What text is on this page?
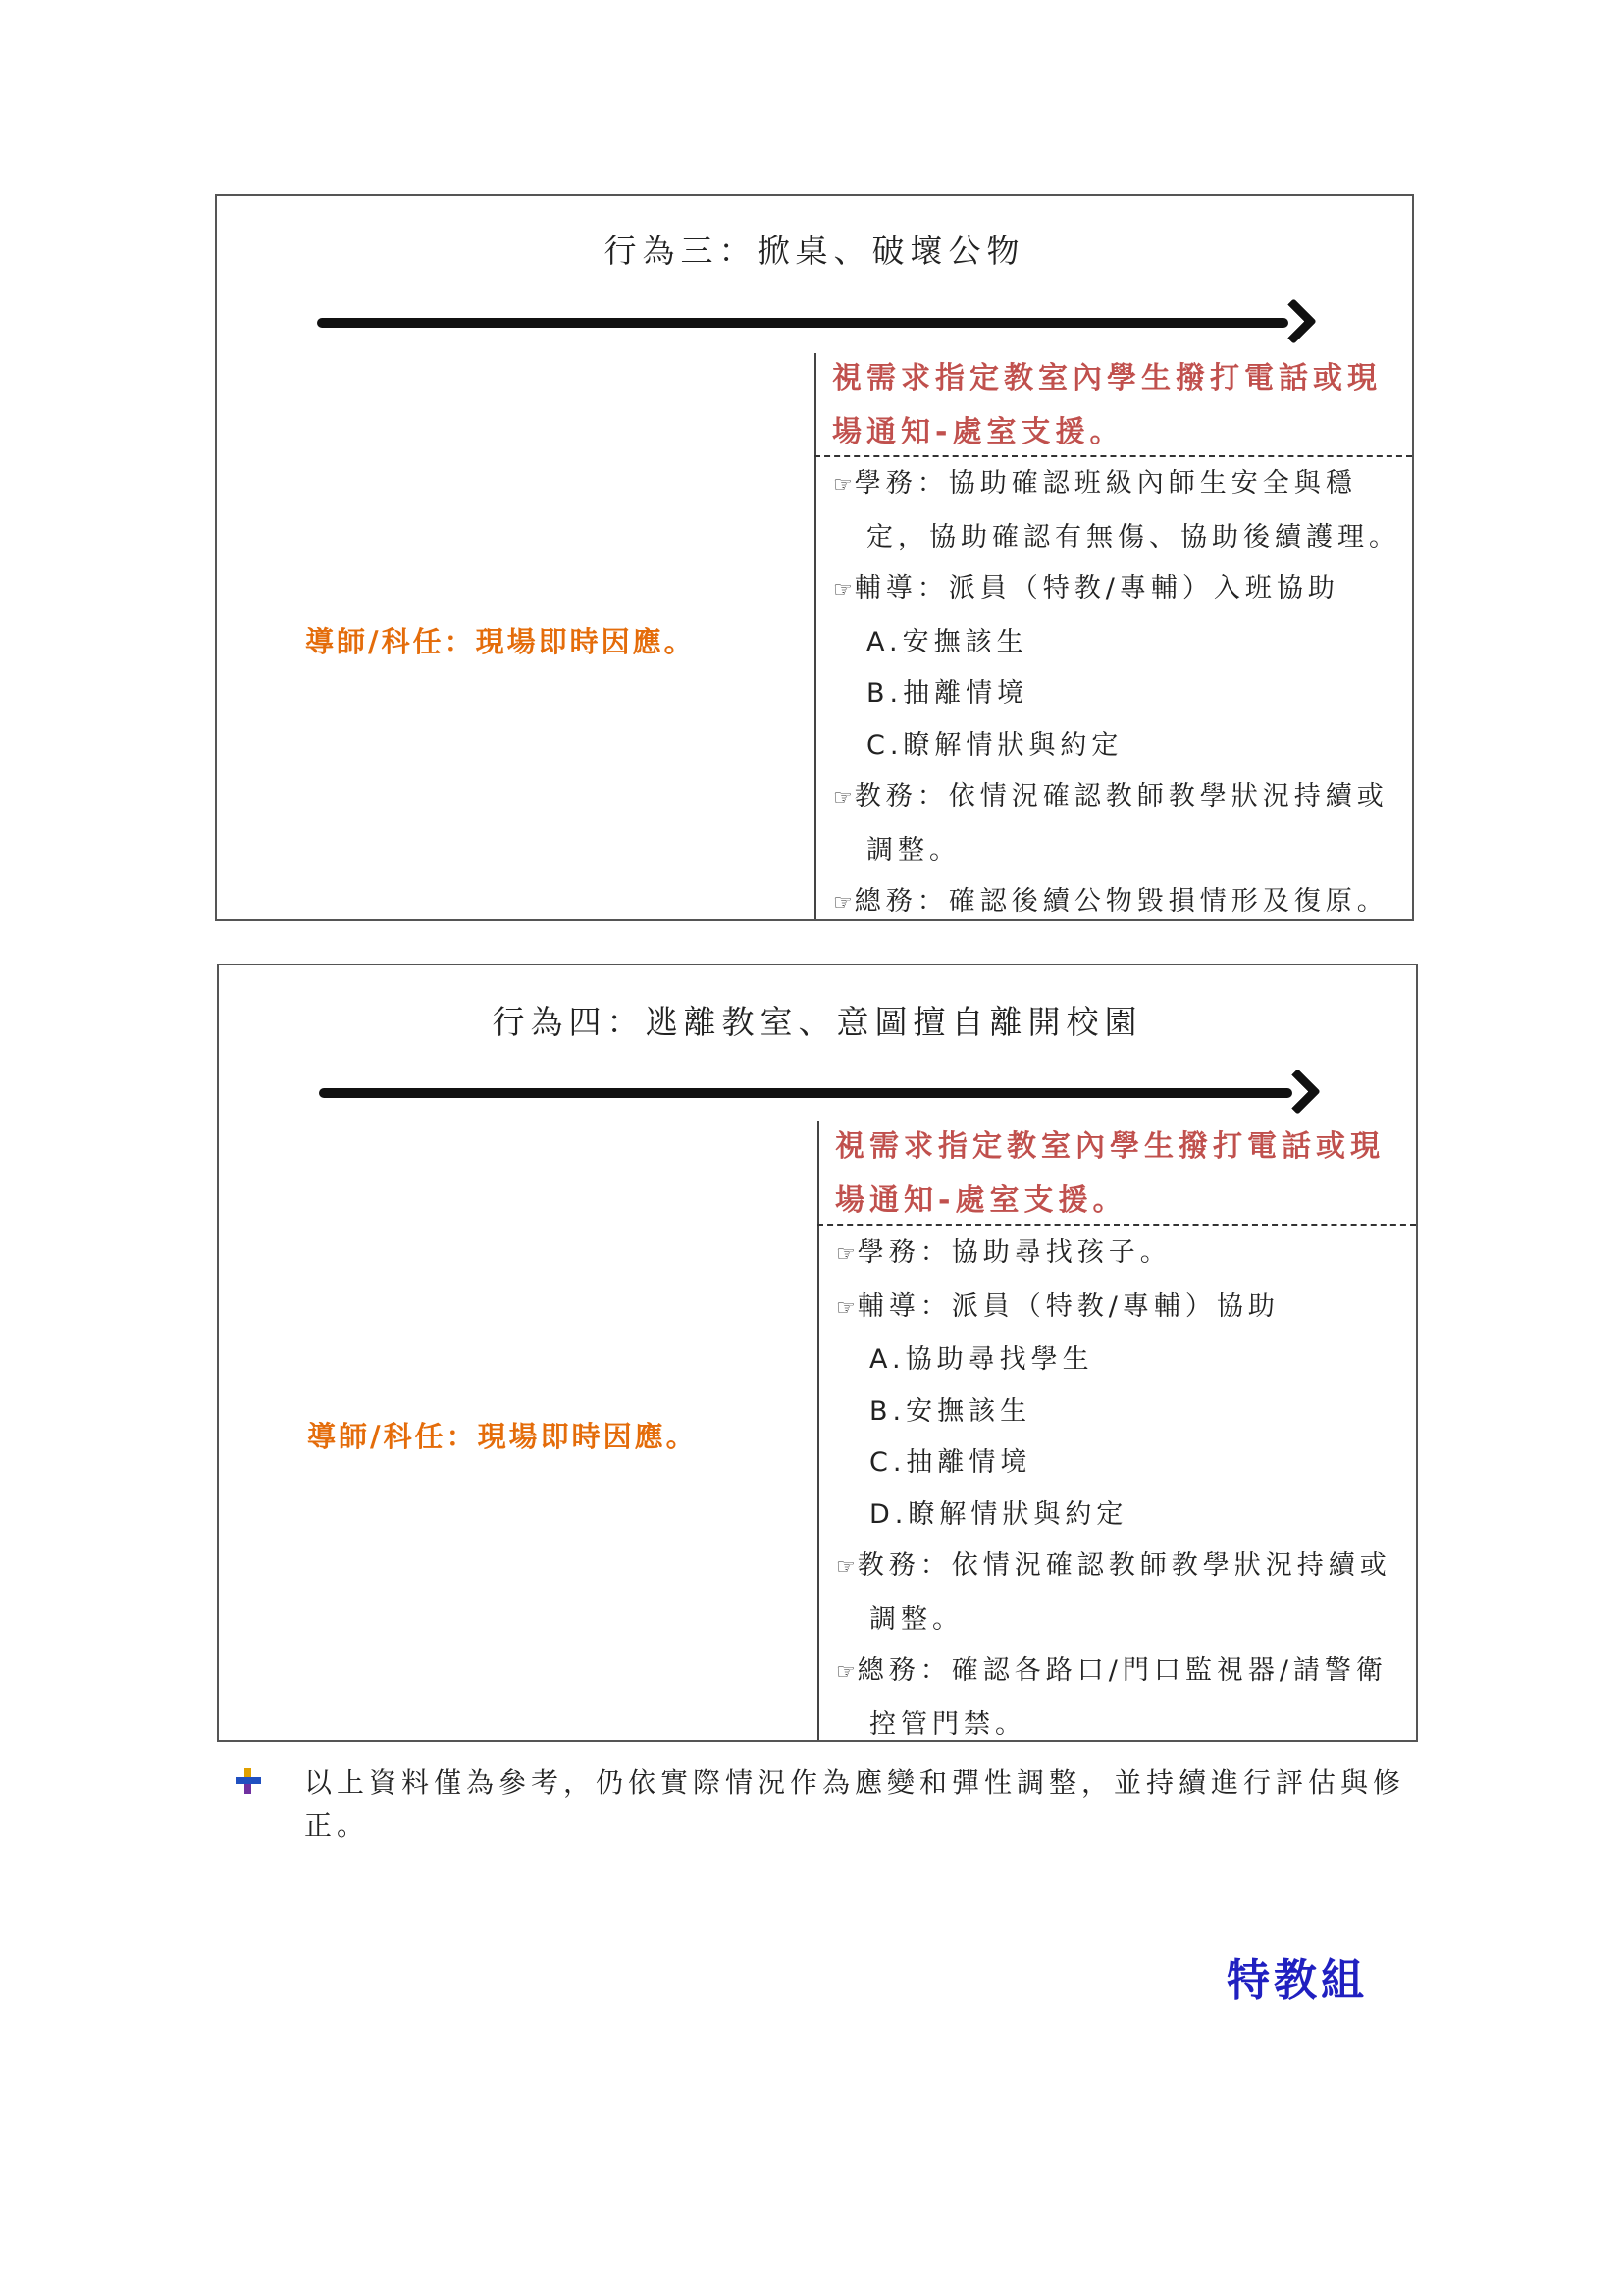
行為三：掀桌、破壞公物
視需求指定教室內學生撥打電話或現
場通知-處室支援。
導師/科任：現場即時因應。
☞學務：協助確認班級內師生安全與穩
定，協助確認有無傷、協助後續護理。
☞輔導：派員（特教/專輔）入班協助
A.安撫該生
B.抽離情境
C.瞭解情狀與約定
☞教務：依情況確認教師教學狀況持續或
調整。
☞總務：確認後續公物毀損情形及復原。
行為四：逃離教室、意圖擅自離開校園
視需求指定教室內學生撥打電話或現
場通知-處室支援。
導師/科任：現場即時因應。
☞學務：協助尋找孩子。
☞輔導：派員（特教/專輔）協助
A.協助尋找學生
B.安撫該生
C.抽離情境
D.瞭解情狀與約定
☞教務：依情況確認教師教學狀況持續或
調整。
☞總務：確認各路口/門口監視器/請警衛
控管門禁。
以上資料僅為參考，仍依實際情況作為應變和彈性調整，並持續進行評估與修正。
特教組
